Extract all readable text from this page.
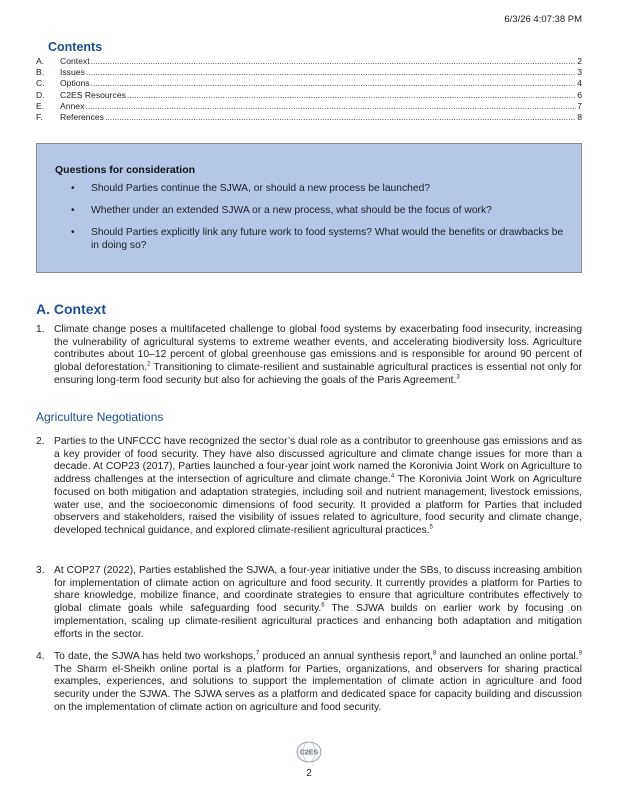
6/3/26 4:07:38 PM
Contents
A.	Context .....	2
B.	Issues .....	3
C.	Options .....	4
D.	C2ES Resources .....	6
E.	Annex .....	7
F.	References .....	8
Questions for consideration
• Should Parties continue the SJWA, or should a new process be launched?
• Whether under an extended SJWA or a new process, what should be the focus of work?
• Should Parties explicitly link any future work to food systems? What would the benefits or drawbacks be in doing so?
A. Context
1. Climate change poses a multifaceted challenge to global food systems by exacerbating food insecurity, increasing the vulnerability of agricultural systems to extreme weather events, and accelerating biodiversity loss. Agriculture contributes about 10–12 percent of global greenhouse gas emissions and is responsible for around 90 percent of global deforestation.$^2$ Transitioning to climate-resilient and sustainable agricultural practices is essential not only for ensuring long-term food security but also for achieving the goals of the Paris Agreement.$^3$
Agriculture Negotiations
2. Parties to the UNFCCC have recognized the sector’s dual role as a contributor to greenhouse gas emissions and as a key provider of food security. They have also discussed agriculture and climate change issues for more than a decade. At COP23 (2017), Parties launched a four-year joint work named the Koronivia Joint Work on Agriculture to address challenges at the intersection of agriculture and climate change.$^4$ The Koronivia Joint Work on Agriculture focused on both mitigation and adaptation strategies, including soil and nutrient management, livestock emissions, water use, and the socioeconomic dimensions of food security. It provided a platform for Parties that included observers and stakeholders, raised the visibility of issues related to agriculture, food security and climate change, developed technical guidance, and explored climate-resilient agricultural practices.$^5$
3. At COP27 (2022), Parties established the SJWA, a four-year initiative under the SBs, to discuss increasing ambition for implementation of climate action on agriculture and food security. It currently provides a platform for Parties to share knowledge, mobilize finance, and coordinate strategies to ensure that agriculture contributes effectively to global climate goals while safeguarding food security.$^6$ The SJWA builds on earlier work by focusing on implementation, scaling up climate-resilient agricultural practices and enhancing both adaptation and mitigation efforts in the sector.
4. To date, the SJWA has held two workshops,$^7$ produced an annual synthesis report,$^8$ and launched an online portal.$^9$ The Sharm el-Sheikh online portal is a platform for Parties, organizations, and observers for sharing practical examples, experiences, and solutions to support the implementation of climate action in agriculture and food security under the SJWA. The SJWA serves as a platform and dedicated space for capacity building and discussion on the implementation of climate action on agriculture and food security.
C2ES
2
